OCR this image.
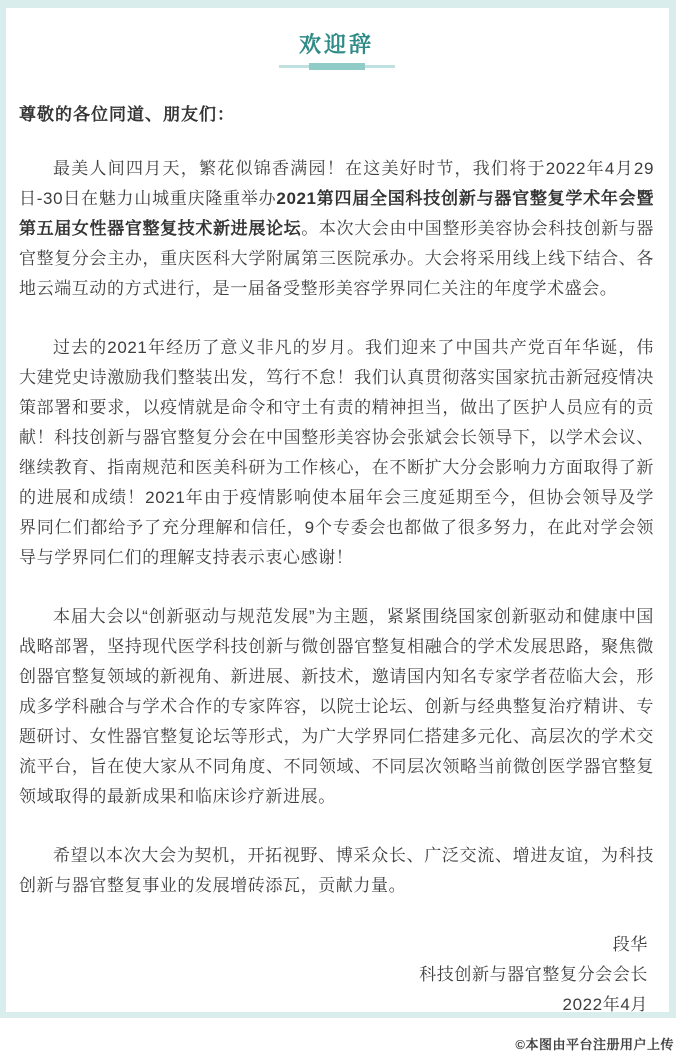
欢迎辞
尊敬的各位同道、朋友们：

最美人间四月天，繁花似锦香满园！在这美好时节，我们将于2022年4月29日-30日在魅力山城重庆隆重举办2021第四届全国科技创新与器官整复学术年会暨第五届女性器官整复技术新进展论坛。本次大会由中国整形美容协会科技创新与器官整复分会主办，重庆医科大学附属第三医院承办。大会将采用线上线下结合、各地云端互动的方式进行，是一届备受整形美容学界同仁关注的年度学术盛会。

过去的2021年经历了意义非凡的岁月。我们迎来了中国共产党百年华诞，伟大建党史诗激励我们整装出发，笃行不怠！我们认真贯彻落实国家抗击新冠疫情决策部署和要求，以疫情就是命令和守土有责的精神担当，做出了医护人员应有的贡献！科技创新与器官整复分会在中国整形美容协会张斌会长领导下，以学术会议、继续教育、指南规范和医美科研为工作核心，在不断扩大分会影响力方面取得了新的进展和成绩！2021年由于疫情影响使本届年会三度延期至今，但协会领导及学界同仁们都给予了充分理解和信任，9个专委会也都做了很多努力，在此对学会领导与学界同仁们的理解支持表示衷心感谢！

本届大会以“创新驱动与规范发展”为主题，紧紧围绕国家创新驱动和健康中国战略部署，坚持现代医学科技创新与微创器官整复相融合的学术发展思路，聚焦微创器官整复领域的新视角、新进展、新技术，邀请国内知名专家学者莅临大会，形成多学科融合与学术合作的专家阵容，以院士论坛、创新与经典整复治疗精讲、专题研讨、女性器官整复论坛等形式，为广大学界同仁搭建多元化、高层次的学术交流平台，旨在使大家从不同角度、不同领域、不同层次领略当前微创医学器官整复领域取得的最新成果和临床诊疗新进展。

希望以本次大会为契机，开拓视野、博采众长、广泛交流、增进友谊，为科技创新与器官整复事业的发展增砖添瓦，贡献力量。

段华
科技创新与器官整复分会会长
2022年4月
©本图由平台注册用户上传
